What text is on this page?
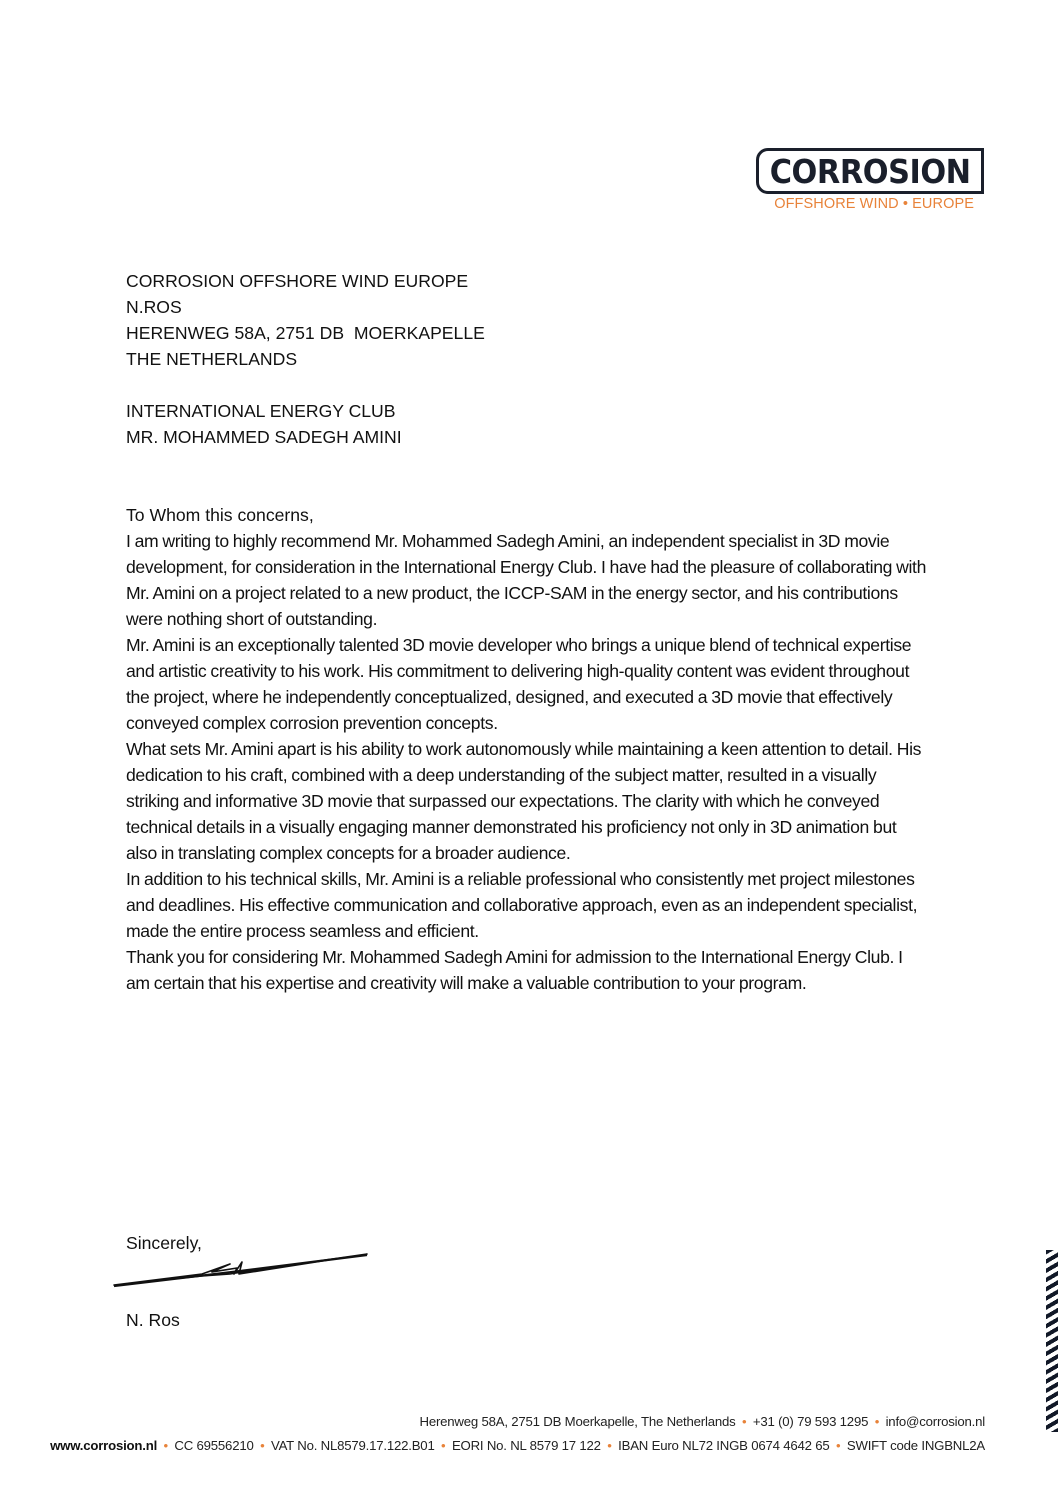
CORROSION
OFFSHORE WIND • EUROPE

CORROSION OFFSHORE WIND EUROPE

N.ROS

HERENWEG 58A, 2751 DB  MOERKAPELLE

THE NETHERLANDS

INTERNATIONAL ENERGY CLUB

MR. MOHAMMED SADEGH AMINI

To Whom this concerns,

I am writing to highly recommend Mr. Mohammed Sadegh Amini, an independent specialist in 3D movie development, for consideration in the International Energy Club. I have had the pleasure of collaborating with Mr. Amini on a project related to a new product, the ICCP-SAM in the energy sector, and his contributions were nothing short of outstanding.

Mr. Amini is an exceptionally talented 3D movie developer who brings a unique blend of technical expertise and artistic creativity to his work. His commitment to delivering high-quality content was evident throughout the project, where he independently conceptualized, designed, and executed a 3D movie that effectively conveyed complex corrosion prevention concepts.

What sets Mr. Amini apart is his ability to work autonomously while maintaining a keen attention to detail. His dedication to his craft, combined with a deep understanding of the subject matter, resulted in a visually striking and informative 3D movie that surpassed our expectations. The clarity with which he conveyed technical details in a visually engaging manner demonstrated his proficiency not only in 3D animation but also in translating complex concepts for a broader audience.

In addition to his technical skills, Mr. Amini is a reliable professional who consistently met project milestones and deadlines. His effective communication and collaborative approach, even as an independent specialist, made the entire process seamless and efficient.

Thank you for considering Mr. Mohammed Sadegh Amini for admission to the International Energy Club. I am certain that his expertise and creativity will make a valuable contribution to your program.

Sincerely,
N. Ros
Herenweg 58A, 2751 DB Moerkapelle, The Netherlands • +31 (0) 79 593 1295 • info@corrosion.nl
www.corrosion.nl • CC 69556210 • VAT No. NL8579.17.122.B01 • EORI No. NL 8579 17 122 • IBAN Euro NL72 INGB 0674 4642 65 • SWIFT code INGBNL2A
